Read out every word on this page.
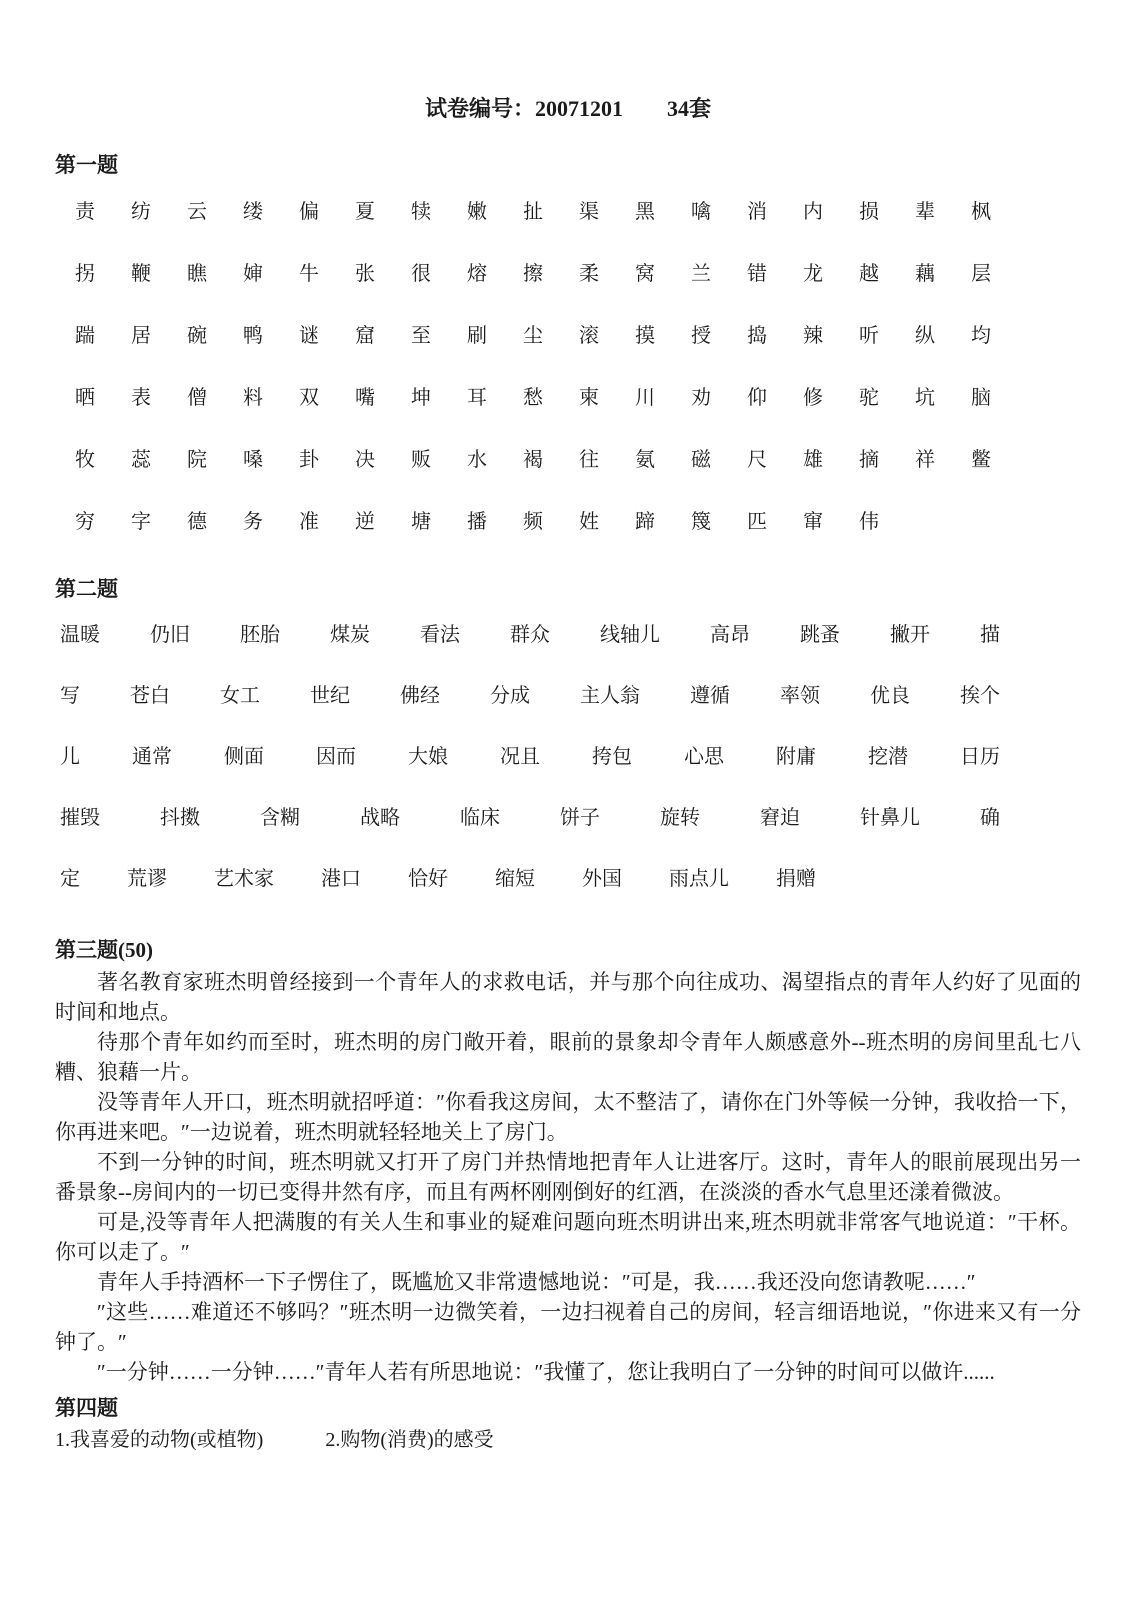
试卷编号：20071201　　34套
第一题
责	纺	云	缕	偏	夏	犊	嫩	扯	渠	黑	噙	消	内	损	辈	枫
拐	鞭	瞧	婶	牛	张	很	熔	擦	柔	窝	兰	错	龙	越	藕	层
踹	居	碗	鸭	谜	窟	至	刷	尘	滚	摸	授	捣	辣	听	纵	均
晒	表	僧	料	双	嘴	坤	耳	愁	柬	川	劝	仰	修	驼	坑	脑
牧	蕊	院	嗓	卦	决	贩	水	褐	往	氨	磁	尺	雄	摘	祥	鳖
穷	字	德	务	准	逆	塘	播	频	姓	蹄	篾	匹	窜	伟
第二题
温暖	仍旧	胚胎	煤炭	看法	群众	线轴儿	高昂	跳蚤	撇开	描
写	苍白	女工	世纪	佛经	分成	主人翁	遵循	率领	优良	挨个
儿	通常	侧面	因而	大娘	况且	挎包	心思	附庸	挖潜	日历
摧毁	抖擞	含糊	战略	临床	饼子	旋转	窘迫	针鼻儿	确
定 荒谬 艺术家 港口 恰好 缩短 外国 雨点儿 捐赠
第三题(50)

著名教育家班杰明曾经接到一个青年人的求救电话，并与那个向往成功、渴望指点的青年人约好了见面的时间和地点。

待那个青年如约而至时，班杰明的房门敞开着，眼前的景象却令青年人颇感意外--班杰明的房间里乱七八糟、狼藉一片。

没等青年人开口，班杰明就招呼道：″你看我这房间，太不整洁了，请你在门外等候一分钟，我收拾一下，你再进来吧。″一边说着，班杰明就轻轻地关上了房门。

不到一分钟的时间，班杰明就又打开了房门并热情地把青年人让进客厅。这时，青年人的眼前展现出另一番景象--房间内的一切已变得井然有序，而且有两杯刚刚倒好的红酒，在淡淡的香水气息里还漾着微波。

可是,没等青年人把满腹的有关人生和事业的疑难问题向班杰明讲出来,班杰明就非常客气地说道：″干杯。你可以走了。″

青年人手持酒杯一下子愣住了，既尴尬又非常遗憾地说：″可是，我……我还没向您请教呢……″

″这些……难道还不够吗？″班杰明一边微笑着，一边扫视着自己的房间，轻言细语地说，″你进来又有一分钟了。″

″一分钟……一分钟……″青年人若有所思地说：″我懂了，您让我明白了一分钟的时间可以做许......

第四题
1.我喜爱的动物(或植物)	2.购物(消费)的感受
